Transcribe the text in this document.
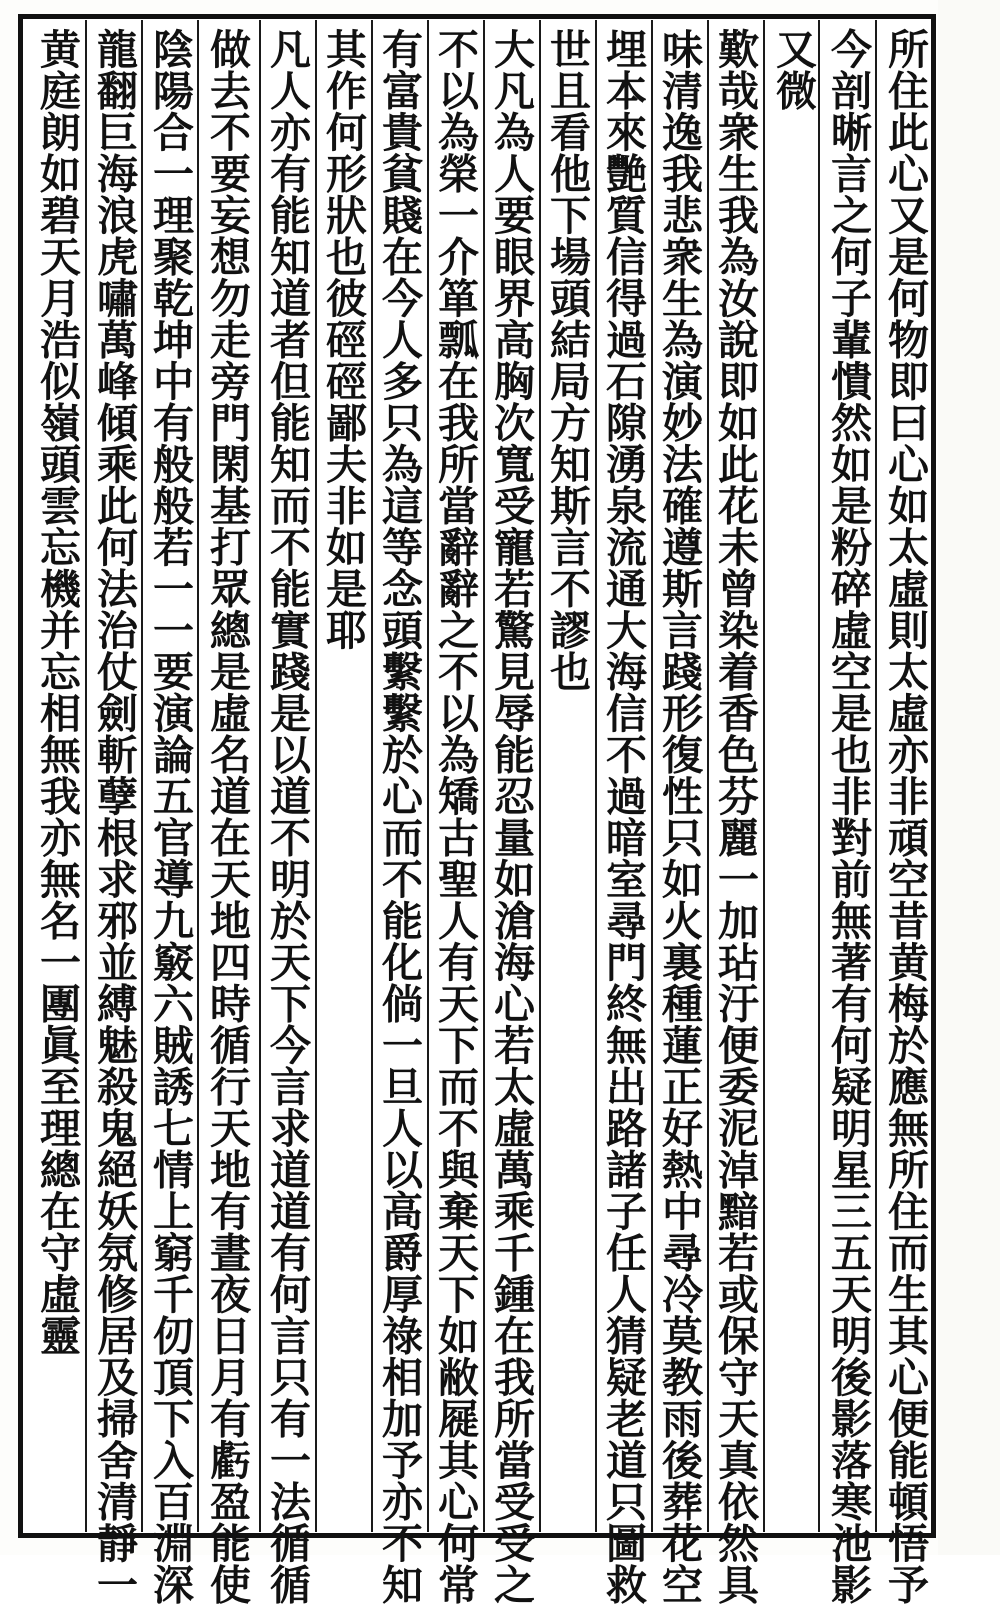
所住此心又是何物即曰心如太虛則太虛亦非頑空昔黄梅於應無所住而生其心便能頓悟予
今剖晰言之何子輩憒然如是粉碎虛空是也非對前無著有何疑明星三五天明後影落寒池影
又微
歎哉衆生我為汝說即如此花未曾染着香色芬麗一加玷汙便委泥淖黯若或保守天真依然具
味清逸我悲衆生為演妙法確遵斯言踐形復性只如火裏種蓮正好熱中尋冷莫教雨後葬花空
埋本來艷質信得過石隙湧泉流通大海信不過暗室尋門終無出路諸子任人猜疑老道只圖救
世且看他下場頭結局方知斯言不謬也
大凡為人要眼界高胸次寬受寵若驚見辱能忍量如滄海心若太虛萬乘千鍾在我所當受受之
不以為榮一介箪瓢在我所當辭辭之不以為矯古聖人有天下而不與棄天下如敝屣其心何常
有富貴貧賤在今人多只為這等念頭繫繫於心而不能化倘一旦人以高爵厚祿相加予亦不知
其作何形狀也彼硜硜鄙夫非如是耶
凡人亦有能知道者但能知而不能實踐是以道不明於天下今言求道道有何言只有一法循循
做去不要妄想勿走旁門閑基打眾總是虛名道在天地四時循行天地有晝夜日月有虧盈能使
陰陽合一理聚乾坤中有般般若一一要演論五官導九竅六賊誘七情上窮千仞頂下入百淵深
龍翻巨海浪虎嘯萬峰傾乘此何法治仗劍斬孽根求邪並縛魅殺鬼絕妖氛修居及掃舍清靜一
黄庭朗如碧天月浩似嶺頭雲忘機并忘相無我亦無名一團眞至理總在守虛靈
